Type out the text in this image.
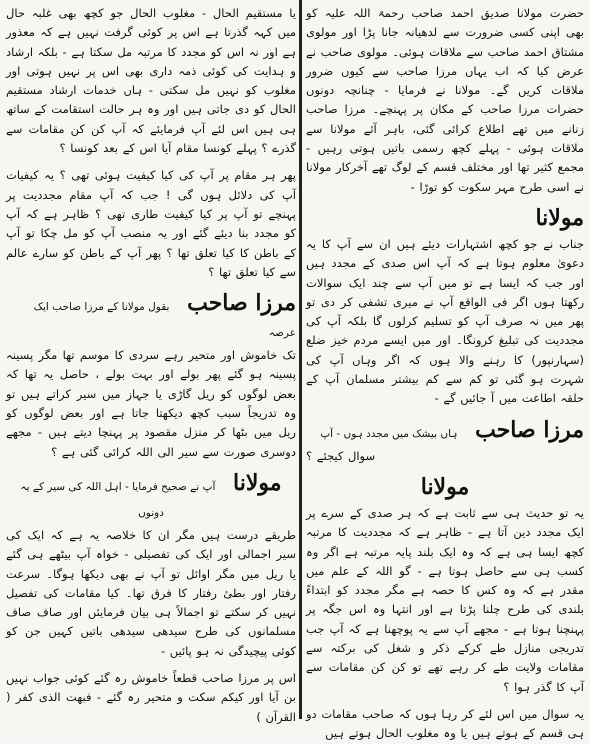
حضرت مولانا صدیق احمد صاحب رحمۃ اللہ علیہ کو بھی اپنی کسی ضرورت سے لدھیانہ جانا پڑا اور مولوی مشتاق احمد صاحب سے ملاقات ہوئی۔ مولوی صاحب نے عرض کیا کہ اب یہاں مرزا صاحب سے کیوں ضرور ملاقات کریں گے۔ مولانا نے فرمایا - چنانچہ دونوں حضرات مرزا صاحب کے مکان پر پہنچے۔ مرزا صاحب زنانے میں تھے اطلاع کرائی گئی، باہر آئے مولانا سے ملاقات ہوئی - پہلے کچھ رسمی باتیں ہوتی رہیں - مجمع کثیر تھا اور مختلف قسم کے لوگ تھے آخرکار مولانا نے اسی طرح مہر سکوت کو توڑا -

مولانا

جناب نے جو کچھ اشتہارات دیئے ہیں ان سے آپ کا یہ دعویٰ معلوم ہوتا ہے کہ آپ اس صدی کے مجدد ہیں اور جب کہ ایسا ہے تو میں آپ سے چند ایک سوالات رکھتا ہوں اگر فی الواقع آپ نے میری تشفی کر دی تو پھر میں نہ صرف آپ کو تسلیم کرلوں گا بلکہ آپ کی مجددیت کی تبلیغ کرونگا۔ اور میں ایسے مردم خیز ضلع (سہارنپور) کا رہنے والا ہوں کہ اگر وہاں آپ کی شہرت ہو گئی تو کم سے کم بیشتر مسلمان آپ کے حلقہ اطاعت میں آ جائیں گے -

مرزا صاحب ہاں بیشک میں مجدد ہوں - آپ

سوال کیجئے ؟

مولانا

یہ تو حدیث ہی سے ثابت ہے کہ ہر صدی کے سرے پر ایک مجدد دین آتا ہے - ظاہر ہے کہ مجددیت کا مرتبہ کچھ ایسا ہی ہے کہ وہ ایک بلند پایہ مرتبہ ہے اگر وہ کسب ہی سے حاصل ہوتا ہے - گو اللہ کے علم میں مقدر ہے کہ وہ کس کا حصہ ہے مگر مجدد کو ابتداءً بلندی کی طرح چلنا پڑتا ہے اور انتہا وہ اس جگہ پر پہنچنا ہوتا ہے - مجھے آپ سے یہ پوچھنا ہے کہ آپ جب تدریجی منازل طے کرکے ذکر و شغل کی برکتہ سے مقامات ولایت طے کر رہے تھے تو کن کن مقامات سے آپ کا گذر ہوا ؟

یہ سوال میں اس لئے کر رہا ہوں کہ صاحب مقامات دو ہی قسم کے ہوتے ہیں یا وہ مغلوب الحال ہوتے ہیں

یا مستقیم الحال - مغلوب الحال جو کچھ بھی غلبہ حال میں کہہ گذرتا ہے اس پر کوئی گرفت نہیں ہے کہ معذور ہے اور نہ اس کو مجدد کا مرتبہ مل سکتا ہے - بلکہ ارشاد و ہدایت کی کوئی ذمہ داری بھی اس پر نہیں ہوتی اور مغلوب کو نہیں مل سکتی - ہاں خدمات ارشاد مستقیم الحال کو دی جاتی ہیں اور وہ ہر حالت استقامت کے ساتھ ہی ہیں اس لئے آپ فرمایئے کہ آپ کن کن مقامات سے گذرے ؟ پہلے کونسا مقام آیا اس کے بعد کونسا ؟

پھر ہر مقام پر آپ کی کیا کیفیت ہوئی تھی ؟ یہ کیفیات آپ کی دلائل ہوں گی ! جب کہ آپ مقام مجددیت پر پہنچے تو آپ پر کیا کیفیت طاری تھی ؟ ظاہر ہے کہ آپ کو مجدد بنا دیئے گئے اور یہ منصب آپ کو مل چکا تو آپ کے باطن کا کیا تعلق تھا ؟ پھر آپ کے باطن کو سارے عالم سے کیا تعلق تھا ؟

مرزا صاحب بقول مولانا کے مرزا صاحب ایک عرصہ

تک خاموش اور متحیر رہے سردی کا موسم تھا مگر پسینہ پسینہ ہو گئے پھر بولے اور بہت بولے ، حاصل یہ تھا کہ بعض لوگوں کو ریل گاڑی یا جہاز میں سیر کراتے ہیں تو وہ تدریجاً سبب کچھ دیکھتا جاتا ہے اور بعض لوگوں کو ریل میں بٹھا کر منزل مقصود پر پہنچا دیتے ہیں - مجھے دوسری صورت سے سیر الی اللہ کرائی گئی ہے ؟

مولانا آپ نے صحیح فرمایا - اہل اللہ کی سیر کے یہ دونوں

طریقے درست ہیں مگر ان کا خلاصہ یہ ہے کہ ایک کی سیر اجمالی اور ایک کی تفصیلی - خواہ آپ بیٹھے ہی گئے یا ریل میں مگر اوائل تو آپ نے بھی دیکھا ہوگا۔ سرعت رفتار اور بطیٔ رفتار کا فرق تھا۔ کیا مقامات کی تفصیل نہیں کر سکتے تو اجمالاً ہی بیان فرمایئں اور صاف صاف مسلمانوں کی طرح سیدھی سیدھی باتیں کہیں جن کو کوئی پیچیدگی نہ ہو پائیں -

اس پر مرزا صاحب قطعاً خاموش رہ گئے کوئی جواب نہیں بن آیا اور کیکم سکت و متحیر رہ گئے - فبھت الذی کفر ( القرآن )
